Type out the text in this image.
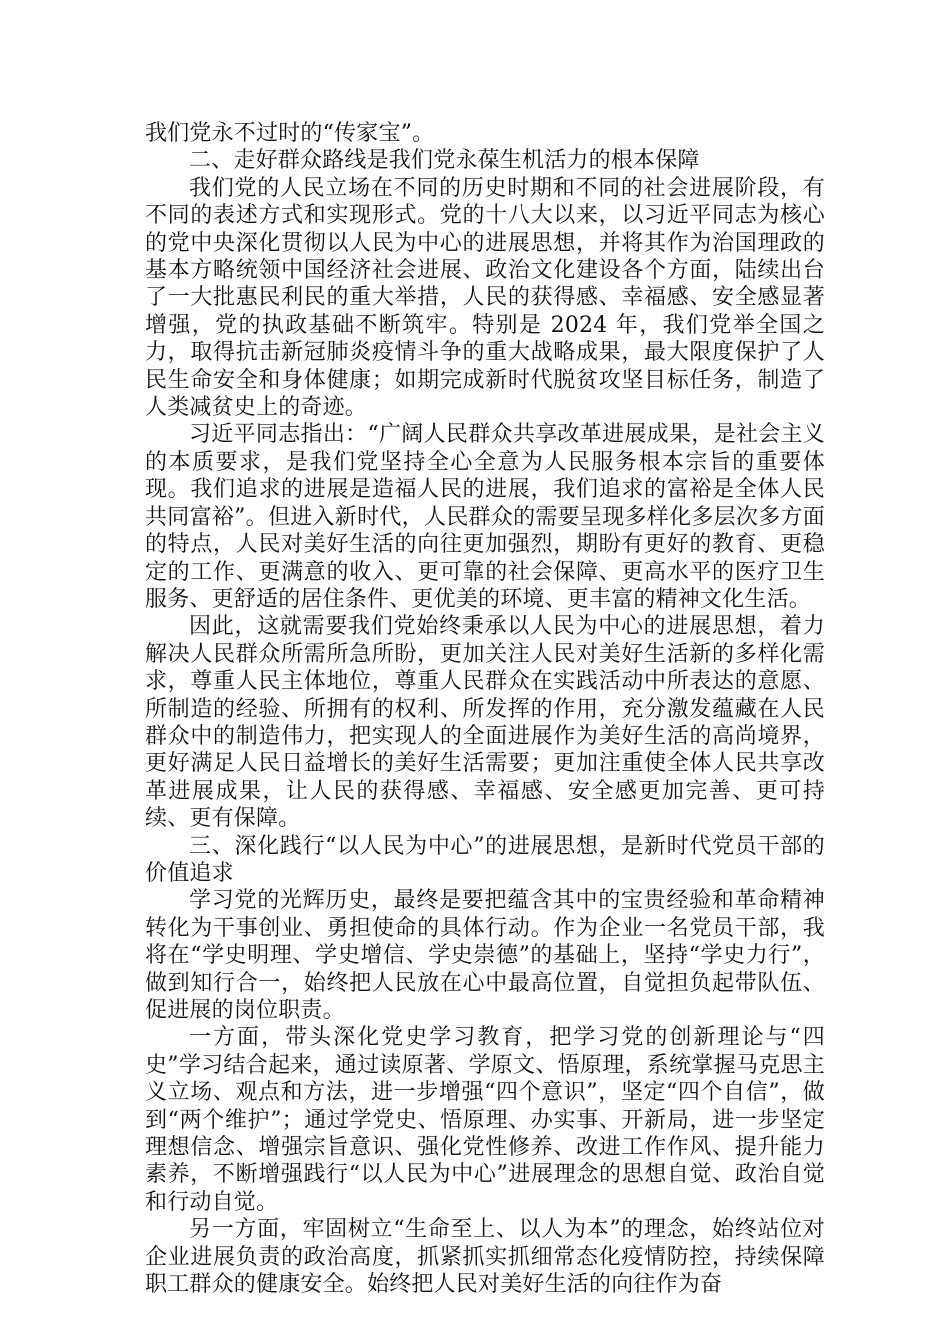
我们党永不过时的“传家宝”。

二、走好群众路线是我们党永葆生机活力的根本保障

我们党的人民立场在不同的历史时期和不同的社会进展阶段，有不同的表述方式和实现形式。党的十八大以来，以习近平同志为核心的党中央深化贯彻以人民为中心的进展思想，并将其作为治国理政的基本方略统领中国经济社会进展、政治文化建设各个方面，陆续出台了一大批惠民利民的重大举措，人民的获得感、幸福感、安全感显著增强，党的执政基础不断筑牢。特别是 2024 年，我们党举全国之力，取得抗击新冠肺炎疫情斗争的重大战略成果，最大限度保护了人民生命安全和身体健康；如期完成新时代脱贫攻坚目标任务，制造了人类减贫史上的奇迹。

习近平同志指出：“广阔人民群众共享改革进展成果，是社会主义的本质要求，是我们党坚持全心全意为人民服务根本宗旨的重要体现。我们追求的进展是造福人民的进展，我们追求的富裕是全体人民共同富裕”。但进入新时代，人民群众的需要呈现多样化多层次多方面的特点，人民对美好生活的向往更加强烈，期盼有更好的教育、更稳定的工作、更满意的收入、更可靠的社会保障、更高水平的医疗卫生服务、更舒适的居住条件、更优美的环境、更丰富的精神文化生活。

因此，这就需要我们党始终秉承以人民为中心的进展思想，着力解决人民群众所需所急所盼，更加关注人民对美好生活新的多样化需求，尊重人民主体地位，尊重人民群众在实践活动中所表达的意愿、所制造的经验、所拥有的权利、所发挥的作用，充分激发蕴藏在人民群众中的制造伟力，把实现人的全面进展作为美好生活的高尚境界，更好满足人民日益增长的美好生活需要；更加注重使全体人民共享改革进展成果，让人民的获得感、幸福感、安全感更加完善、更可持续、更有保障。

三、深化践行“以人民为中心”的进展思想，是新时代党员干部的价值追求

学习党的光辉历史，最终是要把蕴含其中的宝贵经验和革命精神转化为干事创业、勇担使命的具体行动。作为企业一名党员干部，我将在“学史明理、学史增信、学史崇德”的基础上，坚持“学史力行”，做到知行合一，始终把人民放在心中最高位置，自觉担负起带队伍、促进展的岗位职责。

一方面，带头深化党史学习教育，把学习党的创新理论与“四史”学习结合起来，通过读原著、学原文、悟原理，系统掌握马克思主义立场、观点和方法，进一步增强“四个意识”，坚定“四个自信”，做到“两个维护”；通过学党史、悟原理、办实事、开新局，进一步坚定理想信念、增强宗旨意识、强化党性修养、改进工作作风、提升能力素养，不断增强践行“以人民为中心”进展理念的思想自觉、政治自觉和行动自觉。

另一方面，牢固树立“生命至上、以人为本”的理念，始终站位对企业进展负责的政治高度，抓紧抓实抓细常态化疫情防控，持续保障职工群众的健康安全。始终把人民对美好生活的向往作为奋
